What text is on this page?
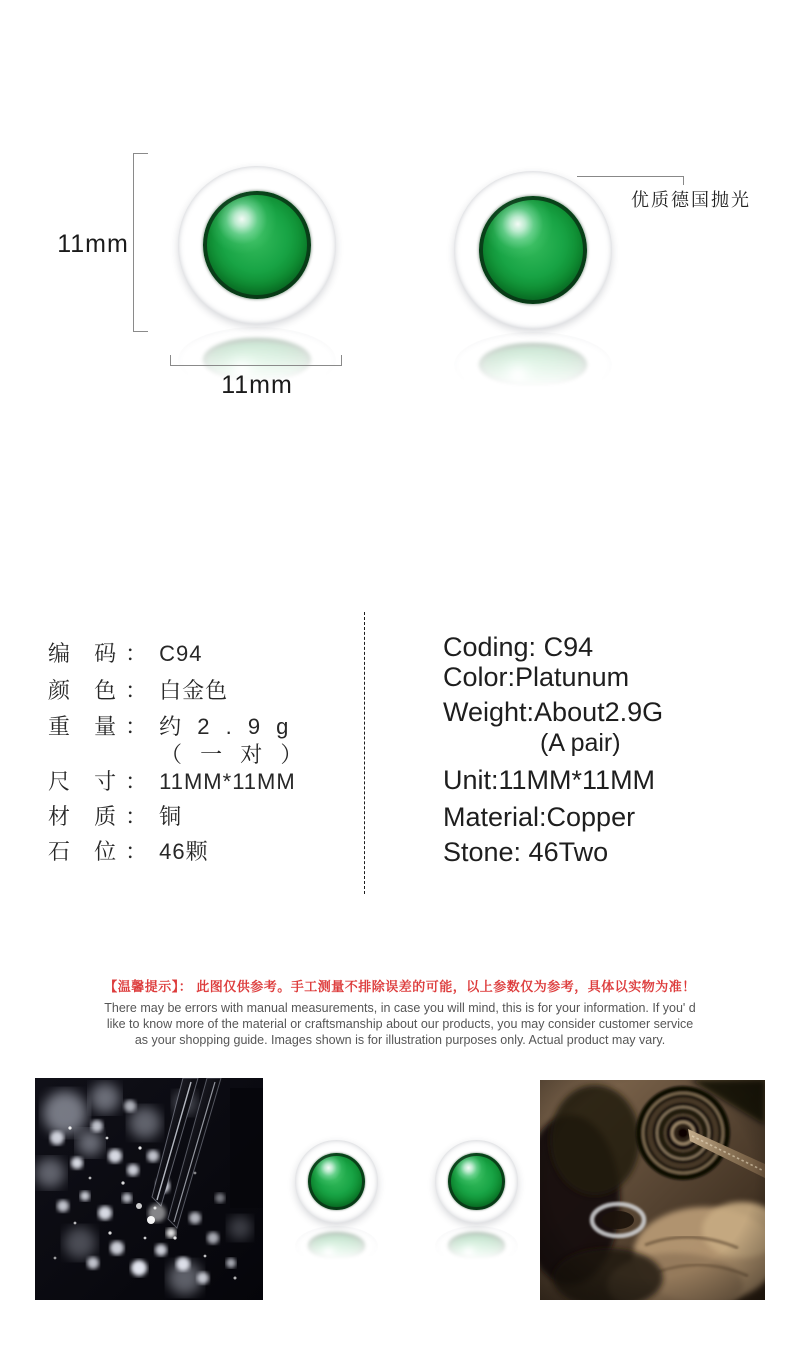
11mm
11mm
优质德国抛光
编 码： C94
颜 色： 白金色
重 量： 约 2 . 9 g
（ 一 对 ）
尺 寸： 11MM*11MM
材 质： 铜
石 位： 46颗
Coding: C94
Color:Platunum
Weight:About2.9G
(A pair)
Unit:11MM*11MM
Material:Copper
Stone: 46Two
【温馨提示】： 此图仅供参考。手工测量不排除误差的可能，以上参数仅为参考，具体以实物为准！
There may be errors with manual measurements, in case you will mind, this is for your information. If you' d
like to know more of the material or craftsmanship about our products, you may consider customer service
as your shopping guide. Images shown is for illustration purposes only. Actual product may vary.
